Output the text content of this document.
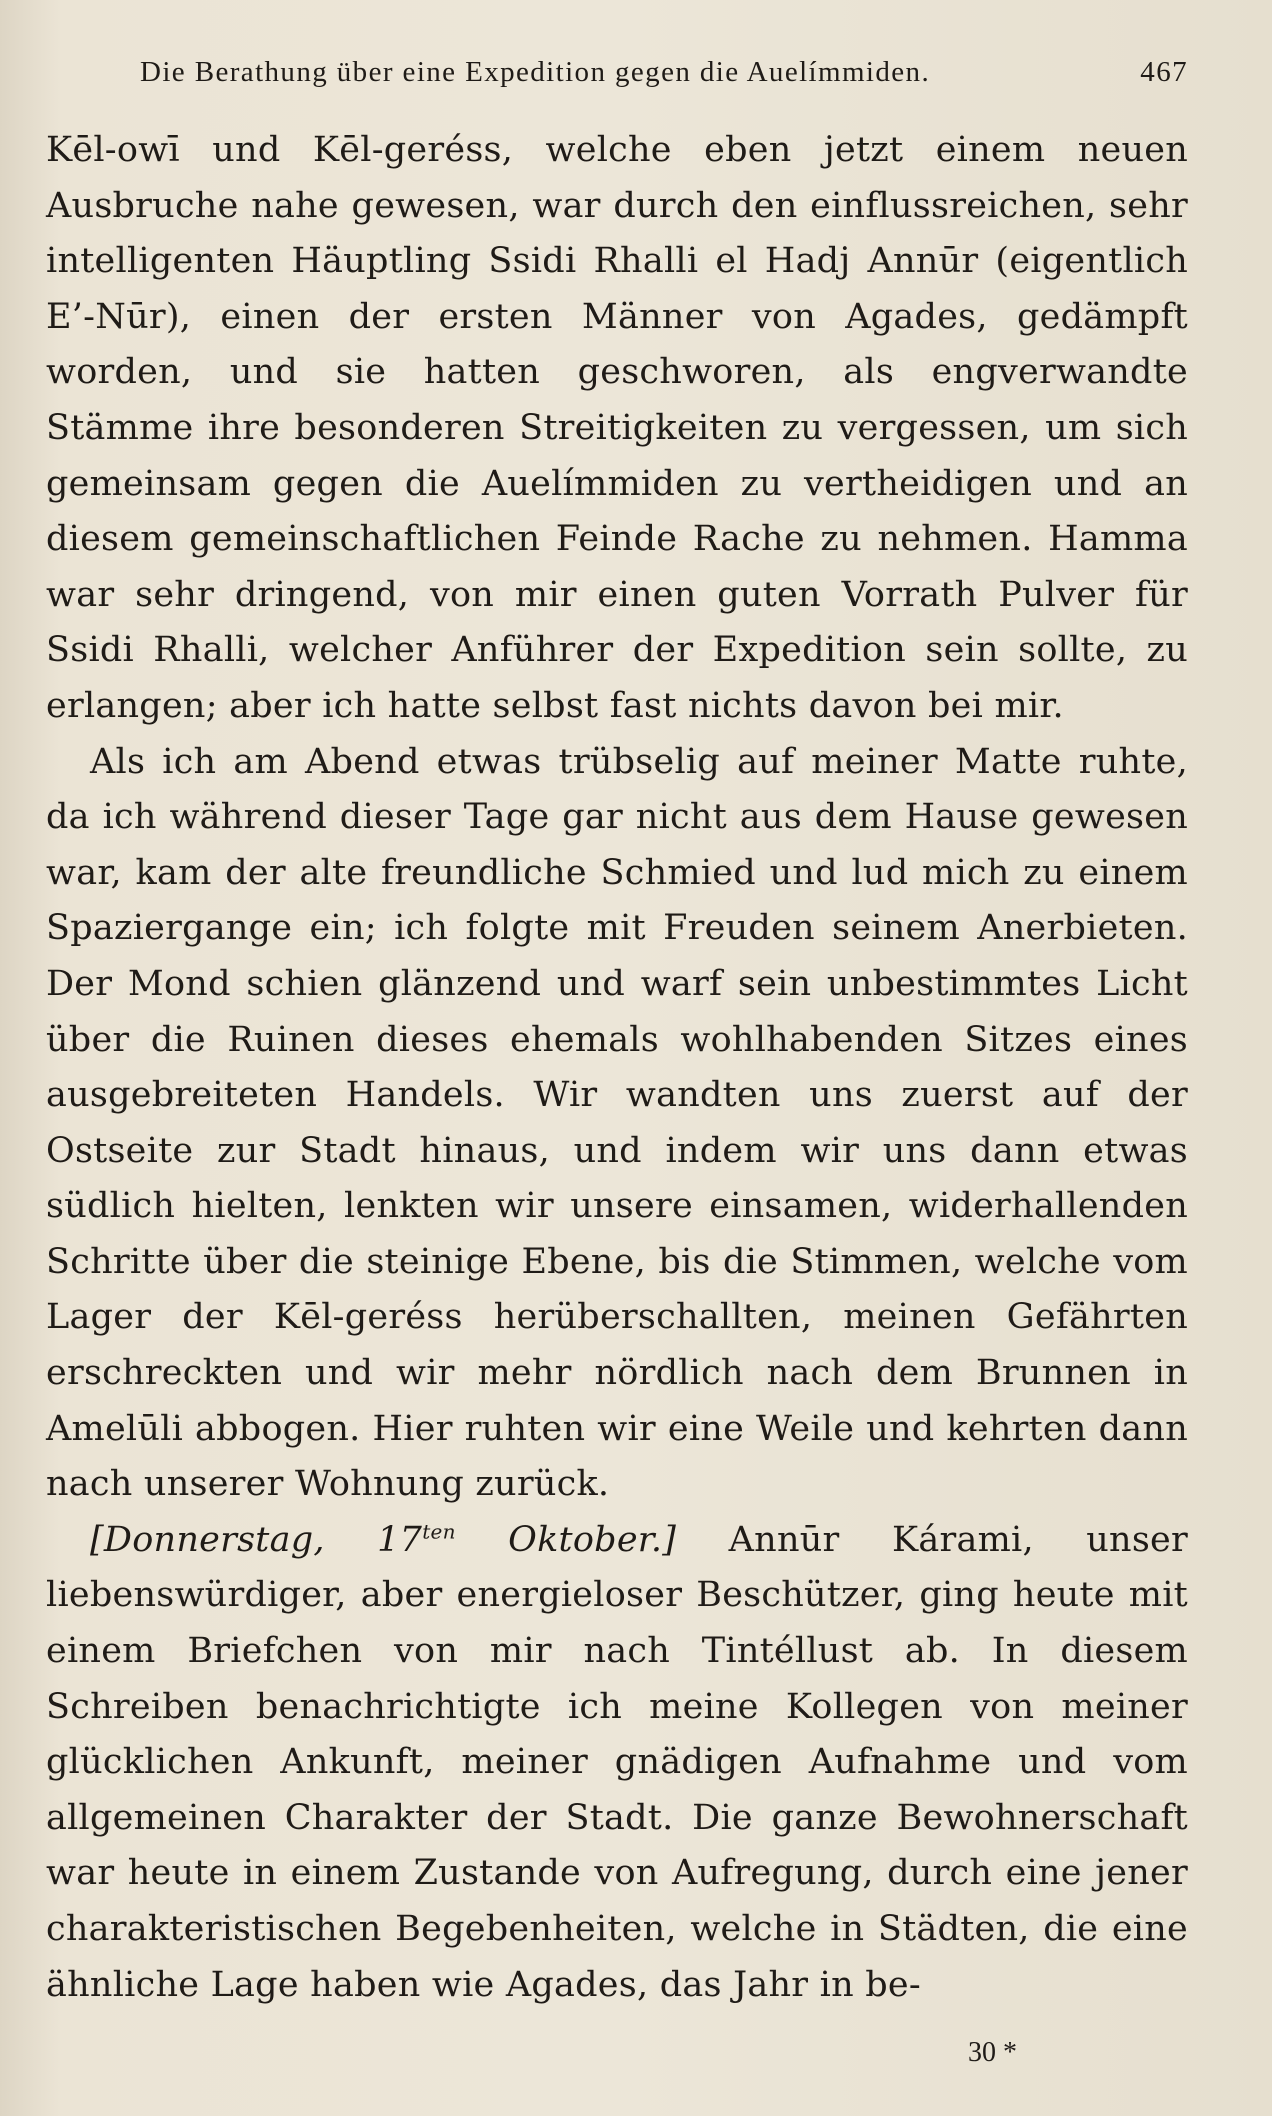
Die Berathung über eine Expedition gegen die Auelímmiden.	467

Kēl-owī und Kēl-geréss, welche eben jetzt einem neuen Ausbruche nahe gewesen, war durch den einflussreichen, sehr intelligenten Häuptling Ssidi Rhalli el Hadj Annūr (eigentlich E’-Nūr), einen der ersten Männer von Agades, gedämpft worden, und sie hatten geschworen, als engverwandte Stämme ihre besonderen Streitigkeiten zu vergessen, um sich gemeinsam gegen die Auelímmiden zu vertheidigen und an diesem gemeinschaftlichen Feinde Rache zu nehmen. Hamma war sehr dringend, von mir einen guten Vorrath Pulver für Ssidi Rhalli, welcher Anführer der Expedition sein sollte, zu erlangen; aber ich hatte selbst fast nichts davon bei mir.

Als ich am Abend etwas trübselig auf meiner Matte ruhte, da ich während dieser Tage gar nicht aus dem Hause gewesen war, kam der alte freundliche Schmied und lud mich zu einem Spaziergange ein; ich folgte mit Freuden seinem Anerbieten. Der Mond schien glänzend und warf sein unbestimmtes Licht über die Ruinen dieses ehemals wohlhabenden Sitzes eines ausgebreiteten Handels. Wir wandten uns zuerst auf der Ostseite zur Stadt hinaus, und indem wir uns dann etwas südlich hielten, lenkten wir unsere einsamen, widerhallenden Schritte über die steinige Ebene, bis die Stimmen, welche vom Lager der Kēl-geréss herüberschallten, meinen Gefährten erschreckten und wir mehr nördlich nach dem Brunnen in Amelūli abbogen. Hier ruhten wir eine Weile und kehrten dann nach unserer Wohnung zurück.

[Donnerstag, $17^{ten}$ Oktober.] Annūr Kárami, unser liebenswürdiger, aber energieloser Beschützer, ging heute mit einem Briefchen von mir nach Tintéllust ab. In diesem Schreiben benachrichtigte ich meine Kollegen von meiner glücklichen Ankunft, meiner gnädigen Aufnahme und vom allgemeinen Charakter der Stadt. Die ganze Bewohnerschaft war heute in einem Zustande von Aufregung, durch eine jener charakteristischen Begebenheiten, welche in Städten, die eine ähnliche Lage haben wie Agades, das Jahr in be-

30 *
